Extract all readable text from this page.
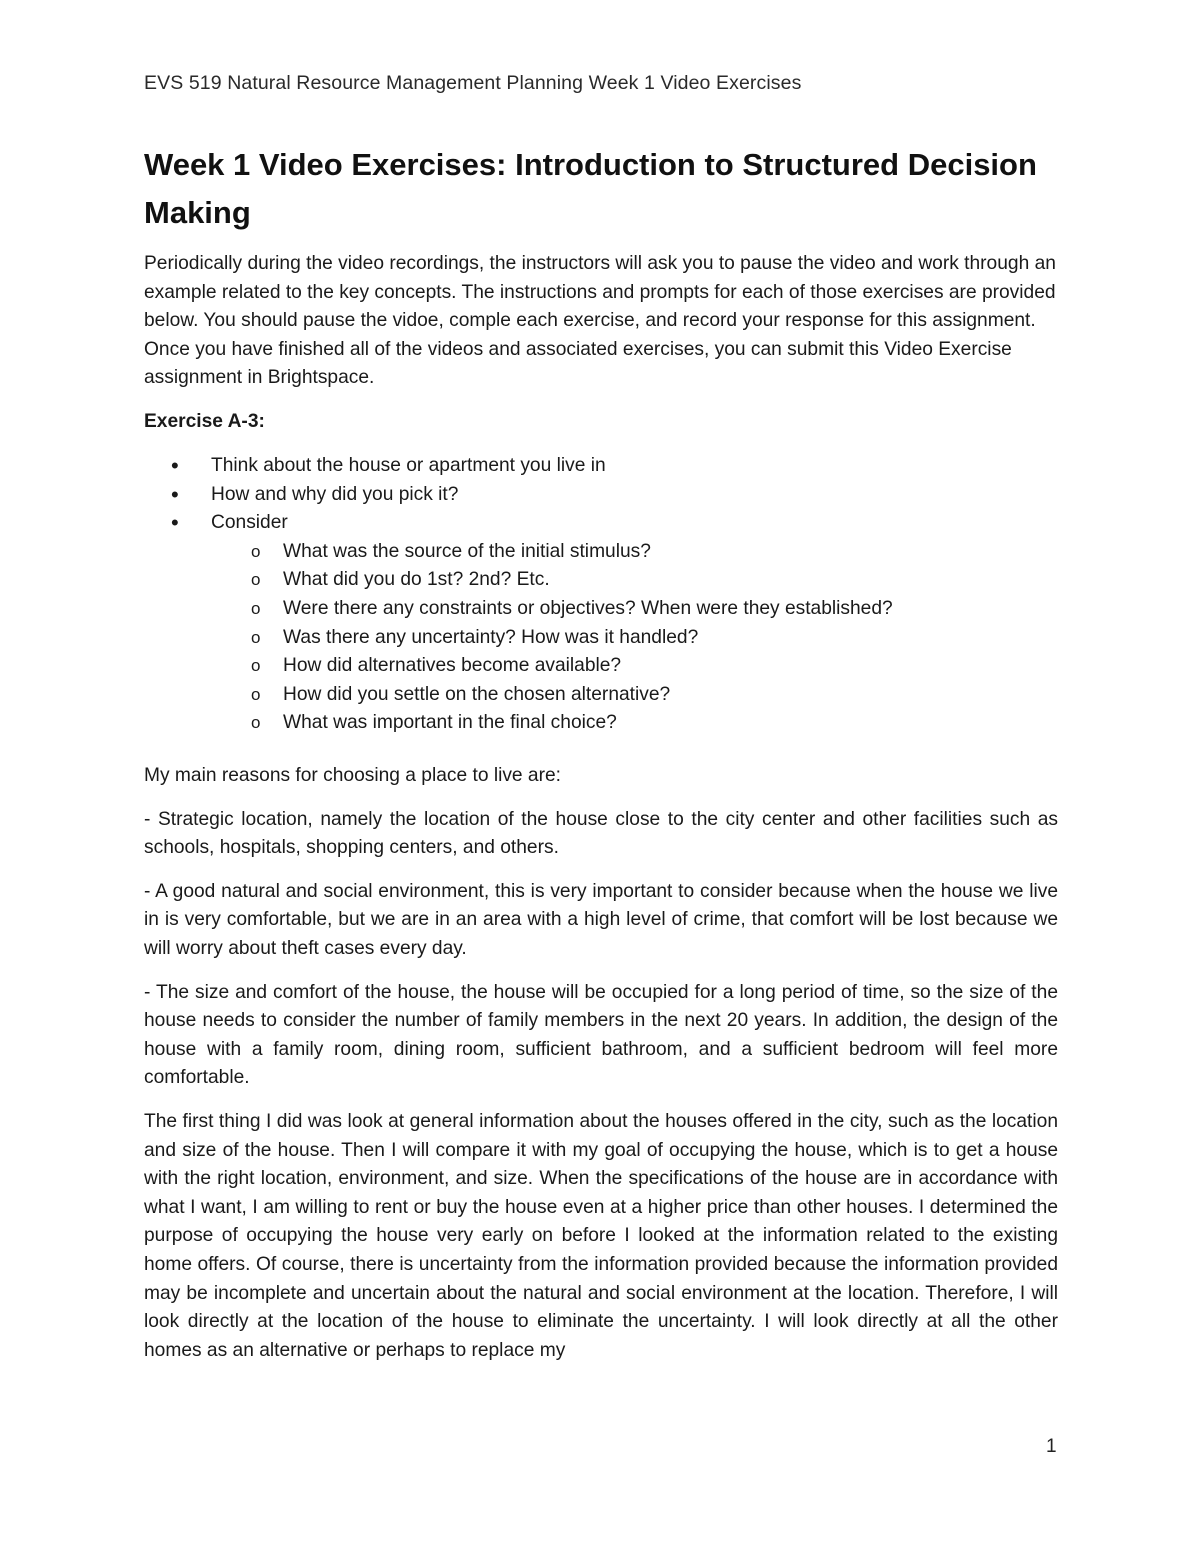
EVS 519 Natural Resource Management Planning Week 1 Video Exercises
Week 1 Video Exercises: Introduction to Structured Decision Making

Periodically during the video recordings, the instructors will ask you to pause the video and work through an example related to the key concepts. The instructions and prompts for each of those exercises are provided below. You should pause the vidoe, comple each exercise, and record your response for this assignment. Once you have finished all of the videos and associated exercises, you can submit this Video Exercise assignment in Brightspace.

Exercise A-3:

• Think about the house or apartment you live in
• How and why did you pick it?
• Consider
o What was the source of the initial stimulus?
o What did you do 1st? 2nd? Etc.
o Were there any constraints or objectives? When were they established?
o Was there any uncertainty? How was it handled?
o How did alternatives become available?
o How did you settle on the chosen alternative?
o What was important in the final choice?

My main reasons for choosing a place to live are:

- Strategic location, namely the location of the house close to the city center and other facilities such as schools, hospitals, shopping centers, and others.

- A good natural and social environment, this is very important to consider because when the house we live in is very comfortable, but we are in an area with a high level of crime, that comfort will be lost because we will worry about theft cases every day.

- The size and comfort of the house, the house will be occupied for a long period of time, so the size of the house needs to consider the number of family members in the next 20 years. In addition, the design of the house with a family room, dining room, sufficient bathroom, and a sufficient bedroom will feel more comfortable.

The first thing I did was look at general information about the houses offered in the city, such as the location and size of the house. Then I will compare it with my goal of occupying the house, which is to get a house with the right location, environment, and size. When the specifications of the house are in accordance with what I want, I am willing to rent or buy the house even at a higher price than other houses. I determined the purpose of occupying the house very early on before I looked at the information related to the existing home offers. Of course, there is uncertainty from the information provided because the information provided may be incomplete and uncertain about the natural and social environment at the location. Therefore, I will look directly at the location of the house to eliminate the uncertainty. I will look directly at all the other homes as an alternative or perhaps to replace my

1
